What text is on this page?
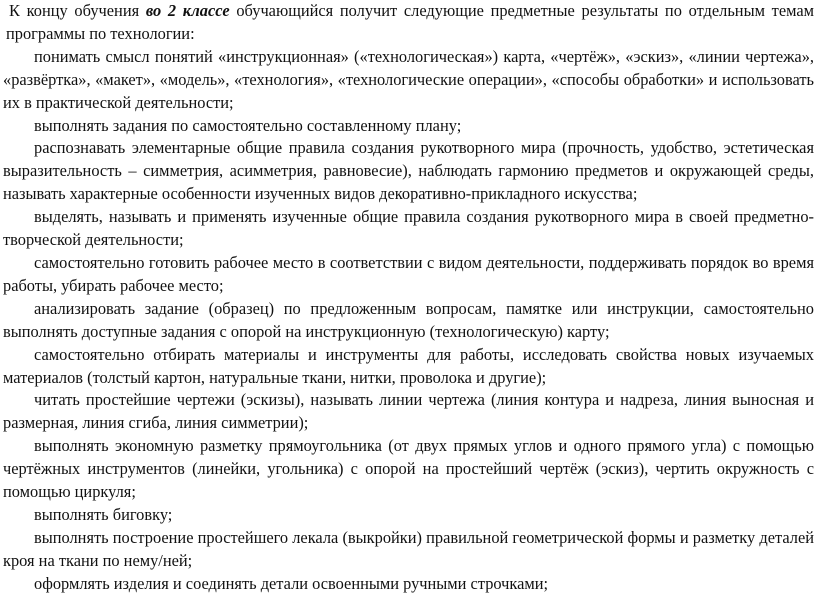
К концу обучения во 2 классе обучающийся получит следующие предметные результаты по отдельным темам программы по технологии:

понимать смысл понятий «инструкционная» («технологическая») карта, «чертёж», «эскиз», «линии чертежа», «развёртка», «макет», «модель», «технология», «технологические операции», «способы обработки» и использовать их в практической деятельности;

выполнять задания по самостоятельно составленному плану;

распознавать элементарные общие правила создания рукотворного мира (прочность, удобство, эстетическая выразительность – симметрия, асимметрия, равновесие), наблюдать гармонию предметов и окружающей среды, называть характерные особенности изученных видов декоративно-прикладного искусства;

выделять, называть и применять изученные общие правила создания рукотворного мира в своей предметно-творческой деятельности;

самостоятельно готовить рабочее место в соответствии с видом деятельности, поддерживать порядок во время работы, убирать рабочее место;

анализировать задание (образец) по предложенным вопросам, памятке или инструкции, самостоятельно выполнять доступные задания с опорой на инструкционную (технологическую) карту;

самостоятельно отбирать материалы и инструменты для работы, исследовать свойства новых изучаемых материалов (толстый картон, натуральные ткани, нитки, проволока и другие);

читать простейшие чертежи (эскизы), называть линии чертежа (линия контура и надреза, линия выносная и размерная, линия сгиба, линия симметрии);

выполнять экономную разметку прямоугольника (от двух прямых углов и одного прямого угла) с помощью чертёжных инструментов (линейки, угольника) с опорой на простейший чертёж (эскиз), чертить окружность с помощью циркуля;

выполнять биговку;

выполнять построение простейшего лекала (выкройки) правильной геометрической формы и разметку деталей кроя на ткани по нему/ней;

оформлять изделия и соединять детали освоенными ручными строчками;
